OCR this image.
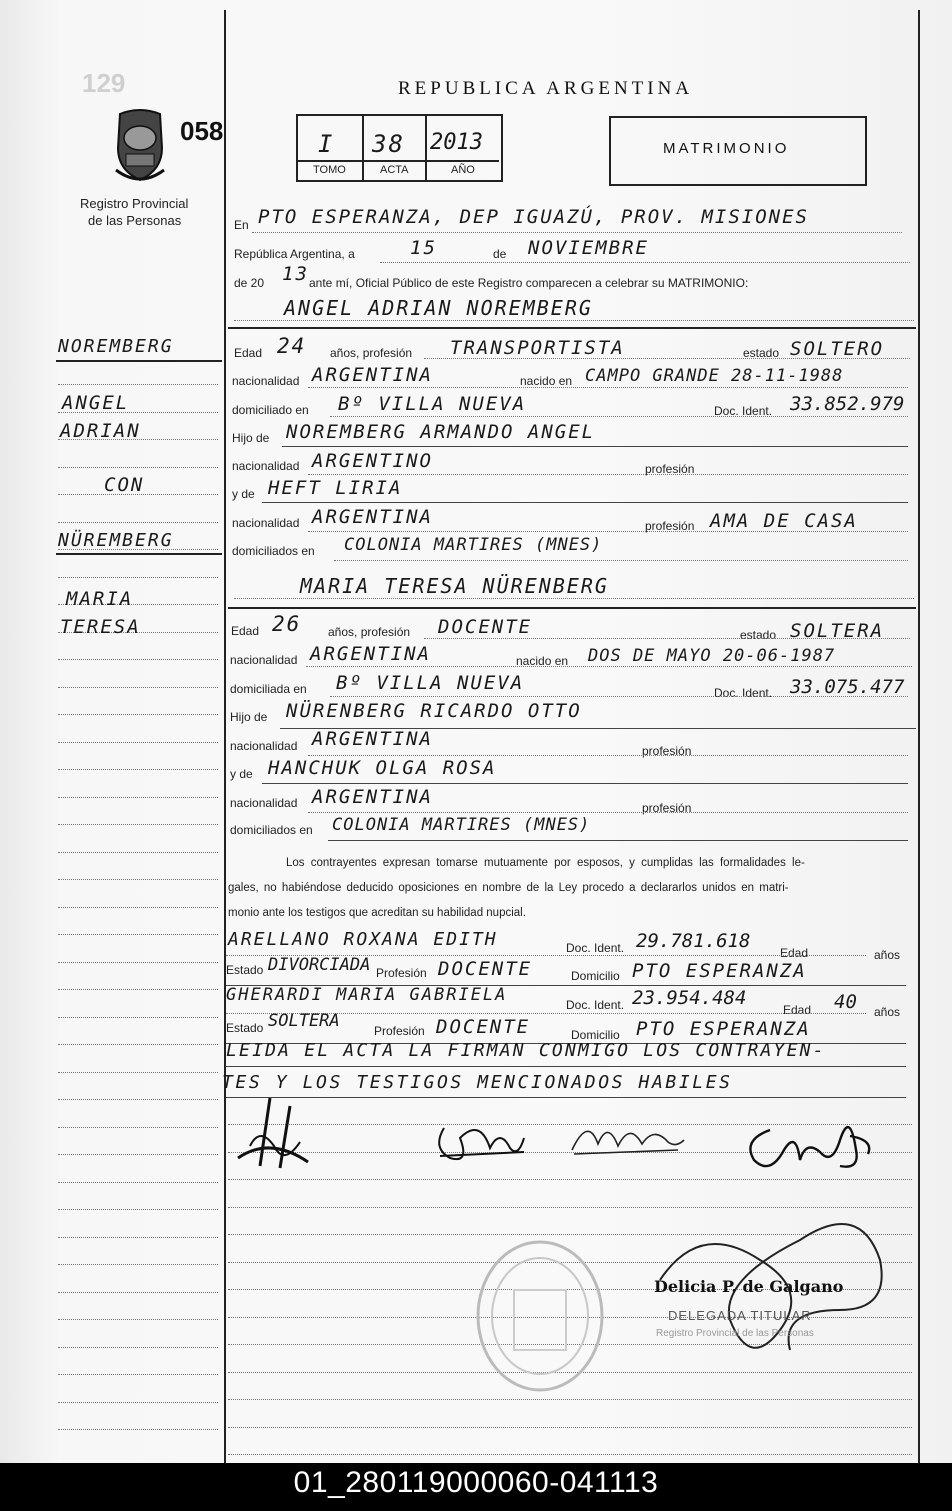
129
058
Registro Provincial
de las Personas
REPUBLICA ARGENTINA
I 38 2013
TOMO	ACTA	AÑO
MATRIMONIO
NOREMBERG
ANGEL
ADRIAN
CON
NÜREMBERG
MARIA
TERESA
En PTO ESPERANZA, DEP IGUAZÚ, PROV. MISIONES
República Argentina, a	15	de NOVIEMBRE
de 20 13 ante mí, Oficial Público de este Registro comparecen a celebrar su MATRIMONIO:
ANGEL ADRIAN NOREMBERG
Edad 24 años, profesión TRANSPORTISTA	estado SOLTERO
nacionalidad ARGENTINA	nacido en CAMPO GRANDE 28-11-1988
domiciliado en Bº VILLA NUEVA	Doc. Ident. 33.852.979
Hijo de NOREMBERG ARMANDO ANGEL
nacionalidad ARGENTINO	profesión
y de HEFT LIRIA
nacionalidad ARGENTINA	profesión AMA DE CASA
domiciliados en COLONIA MARTIRES (MNES)
MARIA TERESA NÜRENBERG
Edad 26 años, profesión DOCENTE	estado SOLTERA
nacionalidad ARGENTINA	nacido en DOS DE MAYO 20-06-1987
domiciliada en Bº VILLA NUEVA	Doc. Ident. 33.075.477
Hijo de NÜRENBERG RICARDO OTTO
nacionalidad ARGENTINA
profesión
y de HANCHUK OLGA ROSA
nacionalidad ARGENTINA	profesión
domiciliados en COLONIA MARTIRES (MNES)
Los contrayentes expresan tomarse mutuamente por esposos, y cumplidas las formalidades le-
gales, no habiéndose deducido oposiciones en nombre de la Ley procedo a declararlos unidos en matri-
monio ante los testigos que acreditan su habilidad nupcial.
ARELLANO ROXANA EDITH	Doc. Ident. 29.781.618
Edad	años
Estado DIVORCIADA Profesión DOCENTE	Domicilio PTO ESPERANZA
GHERARDI MARIA GABRIELA	Doc. Ident. 23.954.484
Edad 40 años
Estado SOLTERA	Profesión DOCENTE	Domicilio PTO ESPERANZA
LEIDA EL ACTA LA FIRMAN CONMIGO LOS CONTRAYEN-
TES Y LOS TESTIGOS MENCIONADOS HABILES
Delicia P. de Galgano
DELEGADA TITULAR
Registro Provincial de las Personas
01_280119000060-041113
